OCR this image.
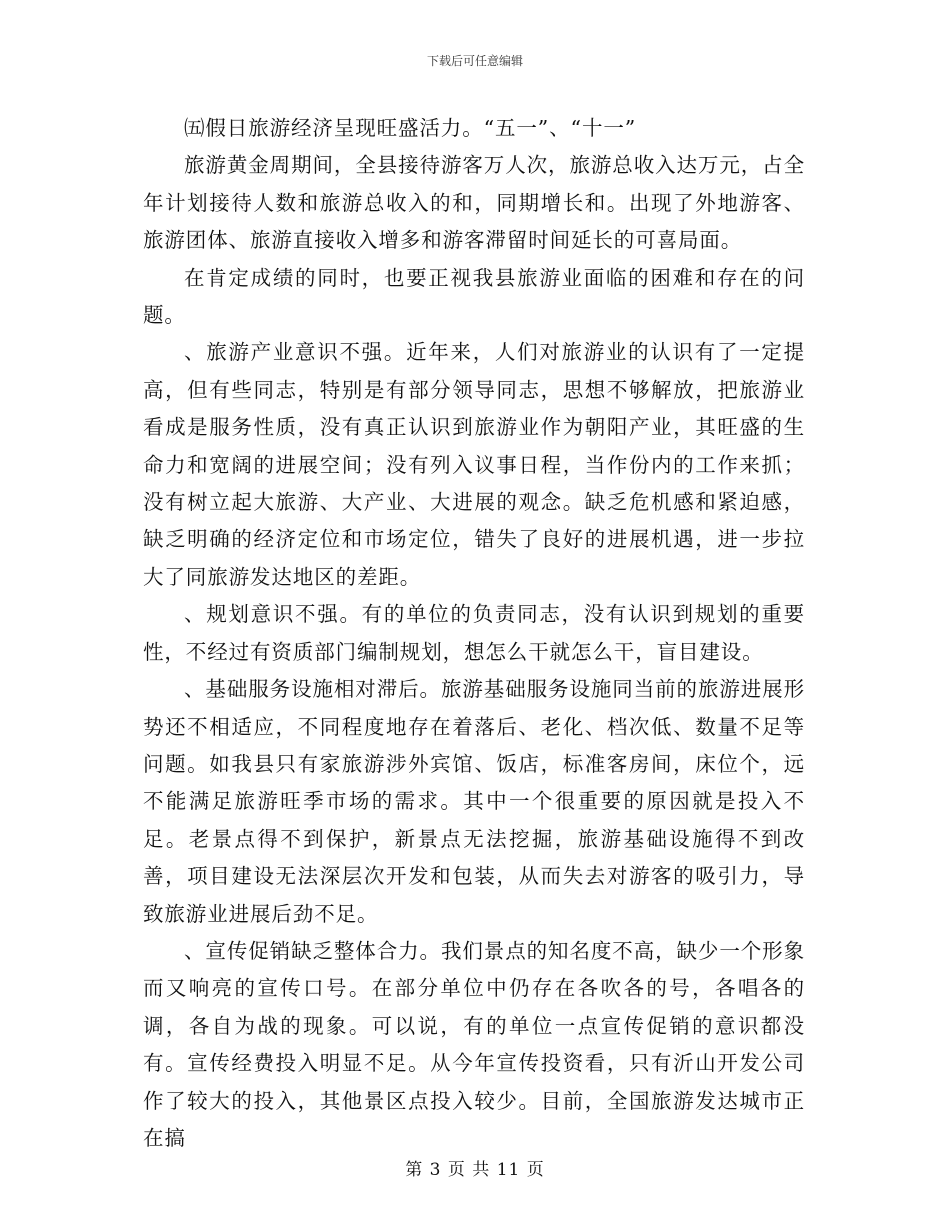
下载后可任意编辑

㈤假日旅游经济呈现旺盛活力。“五一”、“十一”

旅游黄金周期间，全县接待游客万人次，旅游总收入达万元，占全年计划接待人数和旅游总收入的和，同期增长和。出现了外地游客、旅游团体、旅游直接收入增多和游客滞留时间延长的可喜局面。

在肯定成绩的同时，也要正视我县旅游业面临的困难和存在的问题。

、旅游产业意识不强。近年来，人们对旅游业的认识有了一定提高，但有些同志，特别是有部分领导同志，思想不够解放，把旅游业看成是服务性质，没有真正认识到旅游业作为朝阳产业，其旺盛的生命力和宽阔的进展空间；没有列入议事日程，当作份内的工作来抓；没有树立起大旅游、大产业、大进展的观念。缺乏危机感和紧迫感，缺乏明确的经济定位和市场定位，错失了良好的进展机遇，进一步拉大了同旅游发达地区的差距。

、规划意识不强。有的单位的负责同志，没有认识到规划的重要性，不经过有资质部门编制规划，想怎么干就怎么干，盲目建设。

、基础服务设施相对滞后。旅游基础服务设施同当前的旅游进展形势还不相适应，不同程度地存在着落后、老化、档次低、数量不足等问题。如我县只有家旅游涉外宾馆、饭店，标准客房间，床位个，远不能满足旅游旺季市场的需求。其中一个很重要的原因就是投入不足。老景点得不到保护，新景点无法挖掘，旅游基础设施得不到改善，项目建设无法深层次开发和包装，从而失去对游客的吸引力，导致旅游业进展后劲不足。

、宣传促销缺乏整体合力。我们景点的知名度不高，缺少一个形象而又响亮的宣传口号。在部分单位中仍存在各吹各的号，各唱各的调，各自为战的现象。可以说，有的单位一点宣传促销的意识都没有。宣传经费投入明显不足。从今年宣传投资看，只有沂山开发公司作了较大的投入，其他景区点投入较少。目前，全国旅游发达城市正在搞

第 3 页 共 11 页
